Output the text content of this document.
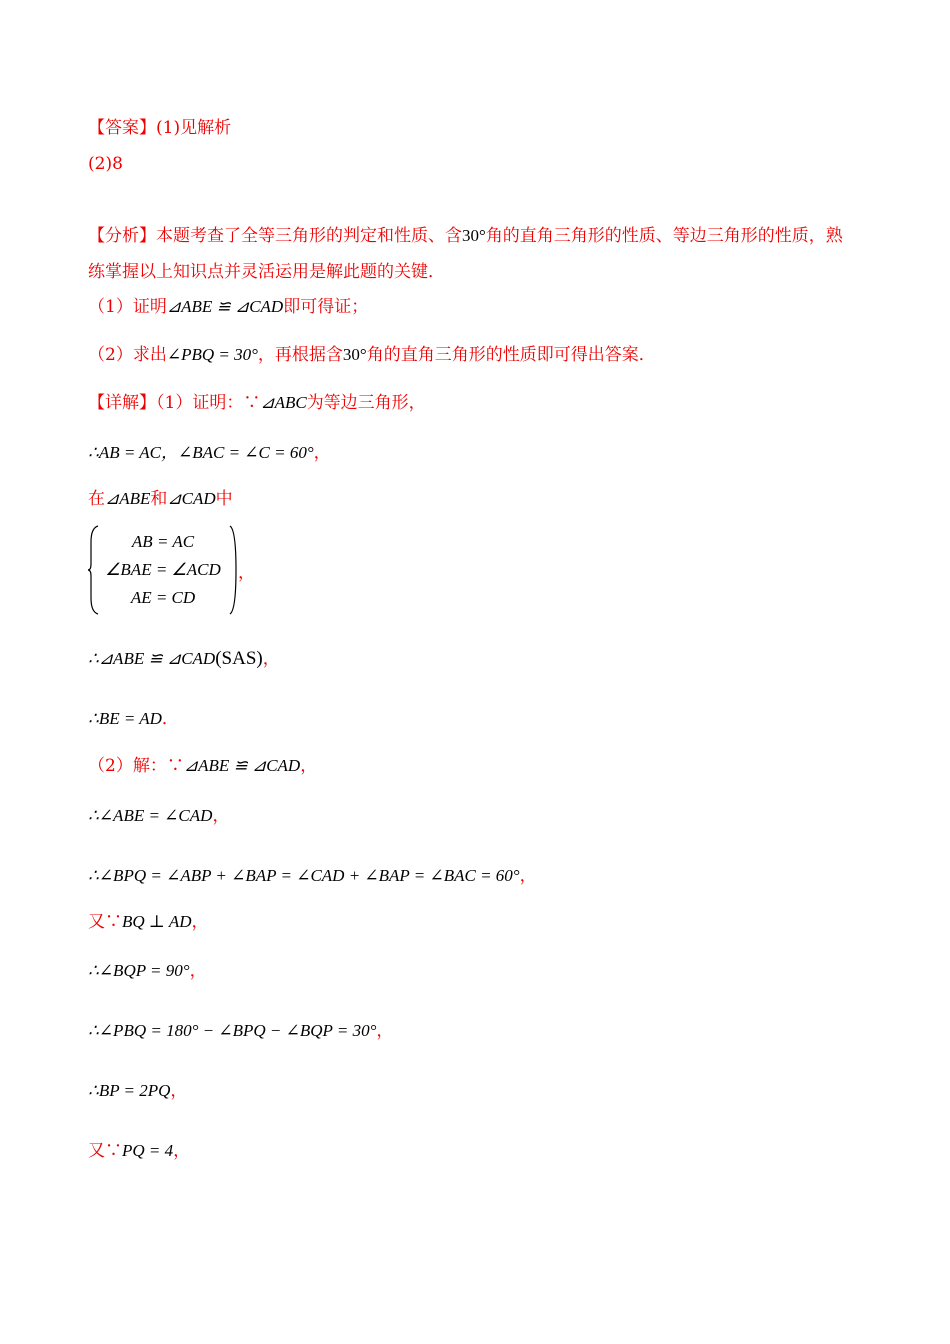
【答案】(1)见解析
(2)8
【分析】本题考查了全等三角形的判定和性质、含30°角的直角三角形的性质、等边三角形的性质，熟练掌握以上知识点并灵活运用是解此题的关键．
（1）证明⊿ABE ≌ ⊿CAD即可得证；
（2）求出∠PBQ = 30°，再根据含30°角的直角三角形的性质即可得出答案．
【详解】（1）证明：∵⊿ABC为等边三角形，
∴AB = AC，∠BAC = ∠C = 60°，
在⊿ABE和⊿CAD中
AB = AC
∠BAE = ∠ACD
AE = CD
，
∴⊿ABE ≌ ⊿CAD(SAS)，
∴BE = AD．
（2）解：∵⊿ABE ≌ ⊿CAD，
∴∠ABE = ∠CAD，
∴∠BPQ = ∠ABP + ∠BAP = ∠CAD + ∠BAP = ∠BAC = 60°，
又∵BQ ⊥ AD，
∴∠BQP = 90°，
∴∠PBQ = 180° − ∠BPQ − ∠BQP = 30°，
∴BP = 2PQ，
又∵PQ = 4，
